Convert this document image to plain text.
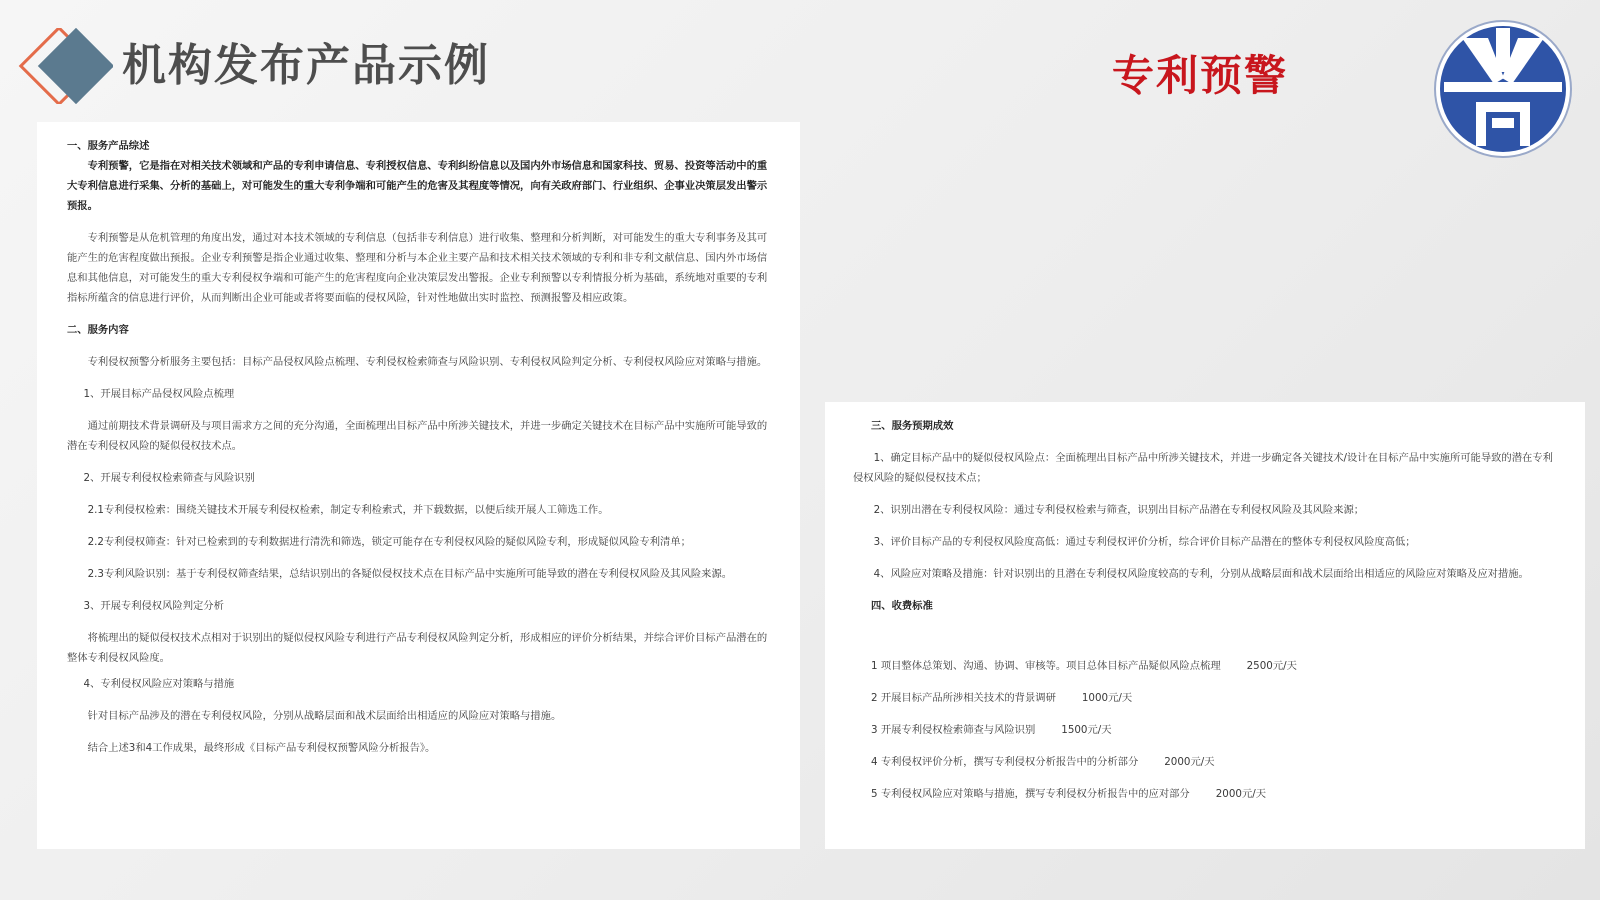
机构发布产品示例	专利预警

一、服务产品综述

专利预警，它是指在对相关技术领域和产品的专利申请信息、专利授权信息、专利纠纷信息以及国内外市场信息和国家科技、贸易、投资等活动中的重大专利信息进行采集、分析的基础上，对可能发生的重大专利争端和可能产生的危害及其程度等情况，向有关政府部门、行业组织、企事业决策层发出警示预报。

专利预警是从危机管理的角度出发，通过对本技术领域的专利信息（包括非专利信息）进行收集、整理和分析判断，对可能发生的重大专利事务及其可能产生的危害程度做出预报。企业专利预警是指企业通过收集、整理和分析与本企业主要产品和技术相关技术领域的专利和非专利文献信息、国内外市场信息和其他信息，对可能发生的重大专利侵权争端和可能产生的危害程度向企业决策层发出警报。企业专利预警以专利情报分析为基础，系统地对重要的专利指标所蕴含的信息进行评价，从而判断出企业可能或者将要面临的侵权风险，针对性地做出实时监控、预测报警及相应政策。

二、服务内容

专利侵权预警分析服务主要包括：目标产品侵权风险点梳理、专利侵权检索筛查与风险识别、专利侵权风险判定分析、专利侵权风险应对策略与措施。

1、开展目标产品侵权风险点梳理

通过前期技术背景调研及与项目需求方之间的充分沟通，全面梳理出目标产品中所涉关键技术，并进一步确定关键技术在目标产品中实施所可能导致的潜在专利侵权风险的疑似侵权技术点。

2、开展专利侵权检索筛查与风险识别

2.1专利侵权检索：围绕关键技术开展专利侵权检索，制定专利检索式，并下载数据，以便后续开展人工筛选工作。

2.2专利侵权筛查：针对已检索到的专利数据进行清洗和筛选，锁定可能存在专利侵权风险的疑似风险专利，形成疑似风险专利清单；

2.3专利风险识别：基于专利侵权筛查结果，总结识别出的各疑似侵权技术点在目标产品中实施所可能导致的潜在专利侵权风险及其风险来源。

3、开展专利侵权风险判定分析

将梳理出的疑似侵权技术点相对于识别出的疑似侵权风险专利进行产品专利侵权风险判定分析，形成相应的评价分析结果，并综合评价目标产品潜在的整体专利侵权风险度。

4、专利侵权风险应对策略与措施

针对目标产品涉及的潜在专利侵权风险，分别从战略层面和战术层面给出相适应的风险应对策略与措施。

结合上述3和4工作成果，最终形成《目标产品专利侵权预警风险分析报告》。

三、服务预期成效

1、确定目标产品中的疑似侵权风险点：全面梳理出目标产品中所涉关键技术，并进一步确定各关键技术/设计在目标产品中实施所可能导致的潜在专利侵权风险的疑似侵权技术点；

2、识别出潜在专利侵权风险：通过专利侵权检索与筛查，识别出目标产品潜在专利侵权风险及其风险来源；

3、评价目标产品的专利侵权风险度高低：通过专利侵权评价分析，综合评价目标产品潜在的整体专利侵权风险度高低；

4、风险应对策略及措施：针对识别出的且潜在专利侵权风险度较高的专利，分别从战略层面和战术层面给出相适应的风险应对策略及应对措施。

四、收费标准

1 项目整体总策划、沟通、协调、审核等。项目总体目标产品疑似风险点梳理	2500元/天

2 开展目标产品所涉相关技术的背景调研	1000元/天

3 开展专利侵权检索筛查与风险识别	1500元/天

4 专利侵权评价分析，撰写专利侵权分析报告中的分析部分	2000元/天

5 专利侵权风险应对策略与措施，撰写专利侵权分析报告中的应对部分	2000元/天
